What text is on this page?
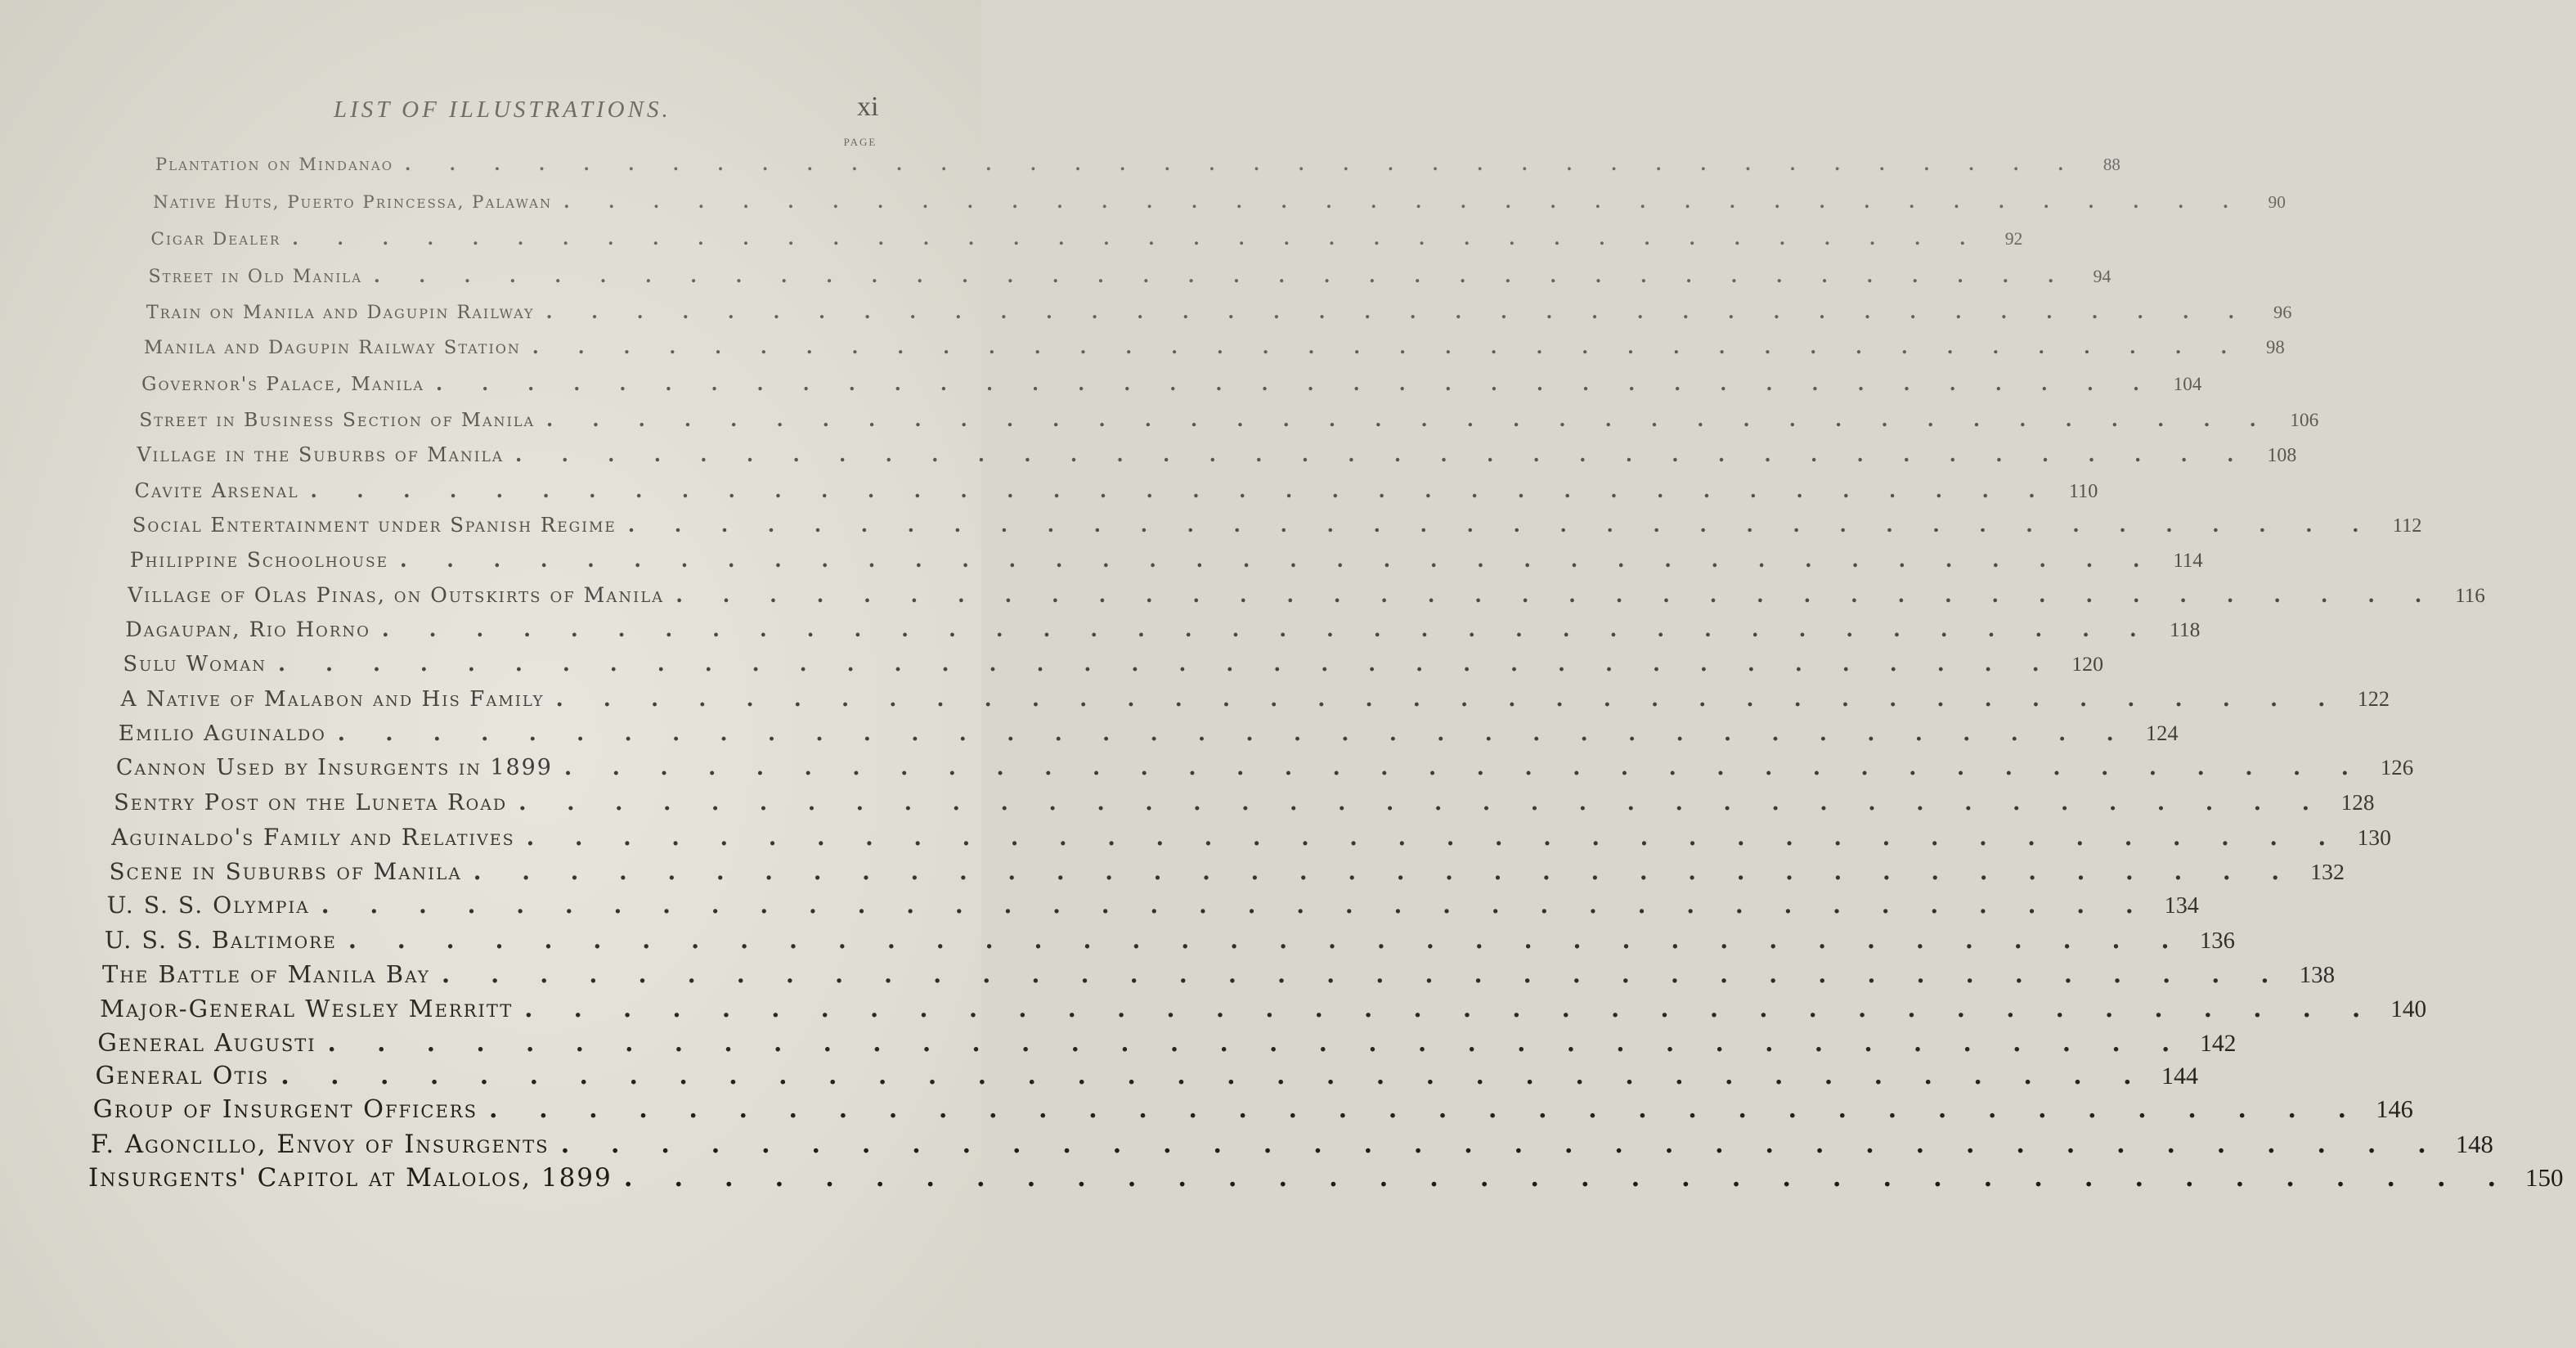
LIST OF ILLUSTRATIONS.	xi
PAGE
Plantation on Mindanao . . . . . . . . . . . . . . . . . . . . . . . . . . . . . . . . . . . . . .	88
Native Huts, Puerto Princessa, Palawan . . . . . . . . . . . . . . . . . . . . . . . . . . . . . . . . . . . . . .	90
Cigar Dealer . . . . . . . . . . . . . . . . . . . . . . . . . . . . . . . . . . . . . .	92
Street in Old Manila . . . . . . . . . . . . . . . . . . . . . . . . . . . . . . . . . . . . . .	94
Train on Manila and Dagupin Railway . . . . . . . . . . . . . . . . . . . . . . . . . . . . . . . . . . . . . .	96
Manila and Dagupin Railway Station . . . . . . . . . . . . . . . . . . . . . . . . . . . . . . . . . . . . . .	98
Governor's Palace, Manila . . . . . . . . . . . . . . . . . . . . . . . . . . . . . . . . . . . . . . 104
Street in Business Section of Manila . . . . . . . . . . . . . . . . . . . . . . . . . . . . . . . . . . . . . . 106
Village in the Suburbs of Manila . . . . . . . . . . . . . . . . . . . . . . . . . . . . . . . . . . . . . . 108
Cavite Arsenal . . . . . . . . . . . . . . . . . . . . . . . . . . . . . . . . . . . . . . 110
Social Entertainment under Spanish Regime . . . . . . . . . . . . . . . . . . . . . . . . . . . . . . . . . . . . . . 112
Philippine Schoolhouse . . . . . . . . . . . . . . . . . . . . . . . . . . . . . . . . . . . . . . 114
Village of Olas Pinas, on Outskirts of Manila . . . . . . . . . . . . . . . . . . . . . . . . . . . . . . . . . . . . . . 116
Dagaupan, Rio Horno . . . . . . . . . . . . . . . . . . . . . . . . . . . . . . . . . . . . . . 118
Sulu Woman . . . . . . . . . . . . . . . . . . . . . . . . . . . . . . . . . . . . . . 120
A Native of Malabon and His Family . . . . . . . . . . . . . . . . . . . . . . . . . . . . . . . . . . . . . . 122
Emilio Aguinaldo . . . . . . . . . . . . . . . . . . . . . . . . . . . . . . . . . . . . . . 124
Cannon Used by Insurgents in 1899 . . . . . . . . . . . . . . . . . . . . . . . . . . . . . . . . . . . . . . 126
Sentry Post on the Luneta Road . . . . . . . . . . . . . . . . . . . . . . . . . . . . . . . . . . . . . . 128
Aguinaldo's Family and Relatives . . . . . . . . . . . . . . . . . . . . . . . . . . . . . . . . . . . . . . 130
Scene in Suburbs of Manila . . . . . . . . . . . . . . . . . . . . . . . . . . . . . . . . . . . . . . 132
U. S. S. Olympia . . . . . . . . . . . . . . . . . . . . . . . . . . . . . . . . . . . . . . 134
U. S. S. Baltimore . . . . . . . . . . . . . . . . . . . . . . . . . . . . . . . . . . . . . . 136
The Battle of Manila Bay . . . . . . . . . . . . . . . . . . . . . . . . . . . . . . . . . . . . . . 138
Major-General Wesley Merritt . . . . . . . . . . . . . . . . . . . . . . . . . . . . . . . . . . . . . . 140
General Augusti . . . . . . . . . . . . . . . . . . . . . . . . . . . . . . . . . . . . . . 142
General Otis . . . . . . . . . . . . . . . . . . . . . . . . . . . . . . . . . . . . . . 144
Group of Insurgent Officers . . . . . . . . . . . . . . . . . . . . . . . . . . . . . . . . . . . . . . 146
F. Agoncillo, Envoy of Insurgents . . . . . . . . . . . . . . . . . . . . . . . . . . . . . . . . . . . . . . 148
Insurgents' Capitol at Malolos, 1899 . . . . . . . . . . . . . . . . . . . . . . . . . . . . . . . . . . . . . . 150
